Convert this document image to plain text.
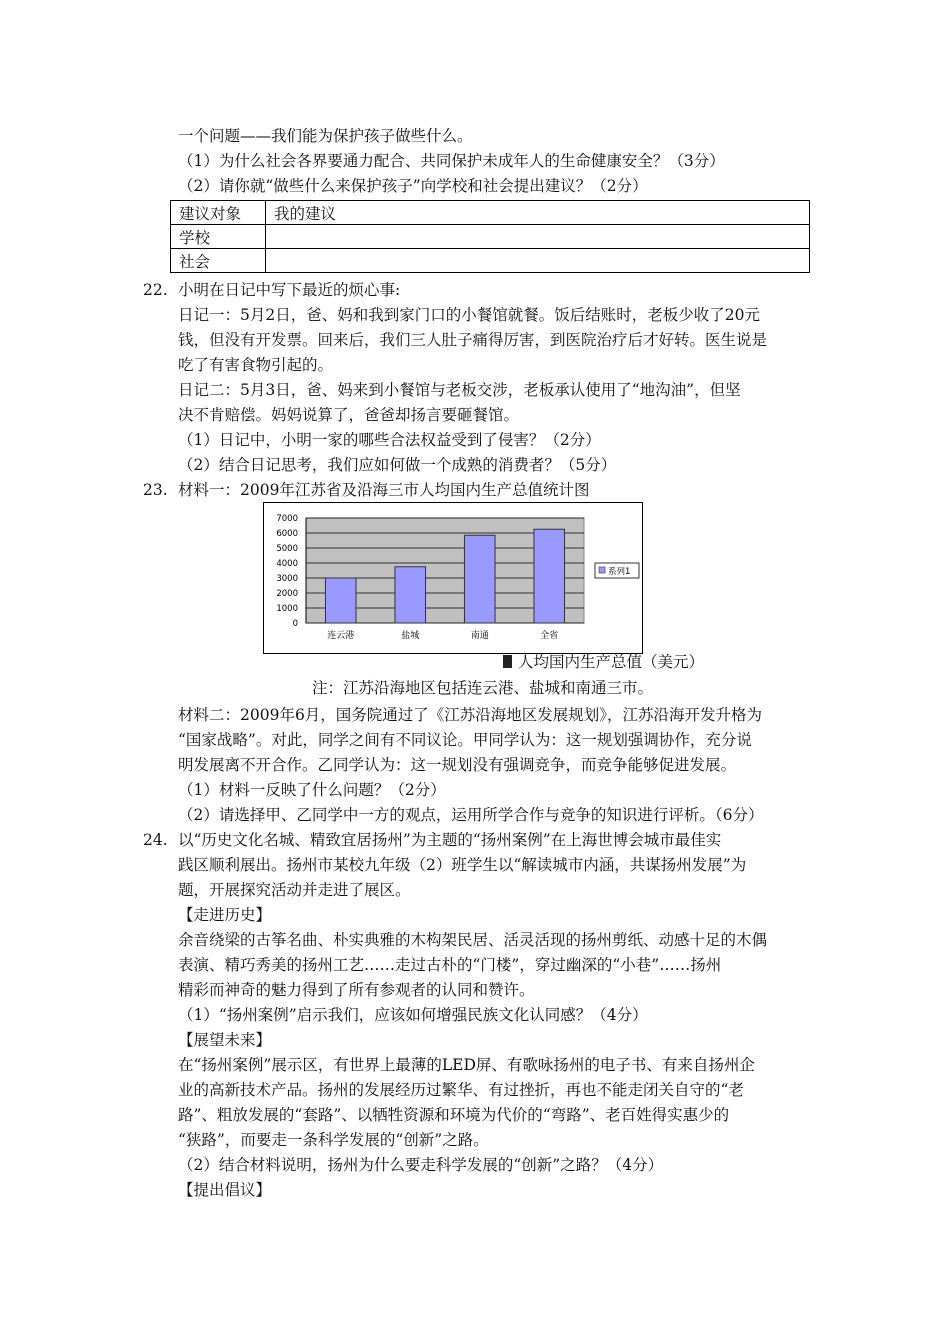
一个问题——我们能为保护孩子做些什么。
（1）为什么社会各界要通力配合、共同保护未成年人的生命健康安全？（3分）
（2）请你就“做些什么来保护孩子”向学校和社会提出建议？（2分）
建议对象	我的建议
学校	
社会	
22. 小明在日记中写下最近的烦心事:
日记一：5月2日，爸、妈和我到家门口的小餐馆就餐。饭后结账时，老板少收了20元
钱，但没有开发票。回来后，我们三人肚子痛得厉害，到医院治疗后才好转。医生说是
吃了有害食物引起的。
日记二：5月3日，爸、妈来到小餐馆与老板交涉，老板承认使用了“地沟油”，但坚
决不肯赔偿。妈妈说算了，爸爸却扬言要砸餐馆。
（1）日记中，小明一家的哪些合法权益受到了侵害？（2分）
（2）结合日记思考，我们应如何做一个成熟的消费者？（5分）
23. 材料一：2009年江苏省及沿海三市人均国内生产总值统计图
0
1000
2000
3000
4000
5000
6000
7000
连云港	盐城	南通	全省
系列1
人均国内生产总值（美元）
注：江苏沿海地区包括连云港、盐城和南通三市。
材料二：2009年6月，国务院通过了《江苏沿海地区发展规划》，江苏沿海开发升格为
“国家战略”。对此，同学之间有不同议论。甲同学认为：这一规划强调协作，充分说
明发展离不开合作。乙同学认为：这一规划没有强调竞争，而竞争能够促进发展。
（1）材料一反映了什么问题？（2分）
（2）请选择甲、乙同学中一方的观点，运用所学合作与竞争的知识进行评析。（6分）
24. 以“历史文化名城、精致宜居扬州”为主题的“扬州案例”在上海世博会城市最佳实
践区顺利展出。扬州市某校九年级（2）班学生以“解读城市内涵，共谋扬州发展”为
题，开展探究活动并走进了展区。
【走进历史】
余音绕梁的古筝名曲、朴实典雅的木构架民居、活灵活现的扬州剪纸、动感十足的木偶
表演、精巧秀美的扬州工艺……走过古朴的“门楼”，穿过幽深的“小巷”……扬州
精彩而神奇的魅力得到了所有参观者的认同和赞许。
（1）“扬州案例”启示我们，应该如何增强民族文化认同感？（4分）
【展望未来】
在“扬州案例”展示区，有世界上最薄的LED屏、有歌咏扬州的电子书、有来自扬州企
业的高新技术产品。扬州的发展经历过繁华、有过挫折，再也不能走闭关自守的“老
路”、粗放发展的“套路”、以牺牲资源和环境为代价的“弯路”、老百姓得实惠少的
“狭路”，而要走一条科学发展的“创新”之路。
（2）结合材料说明，扬州为什么要走科学发展的“创新”之路？（4分）
【提出倡议】
